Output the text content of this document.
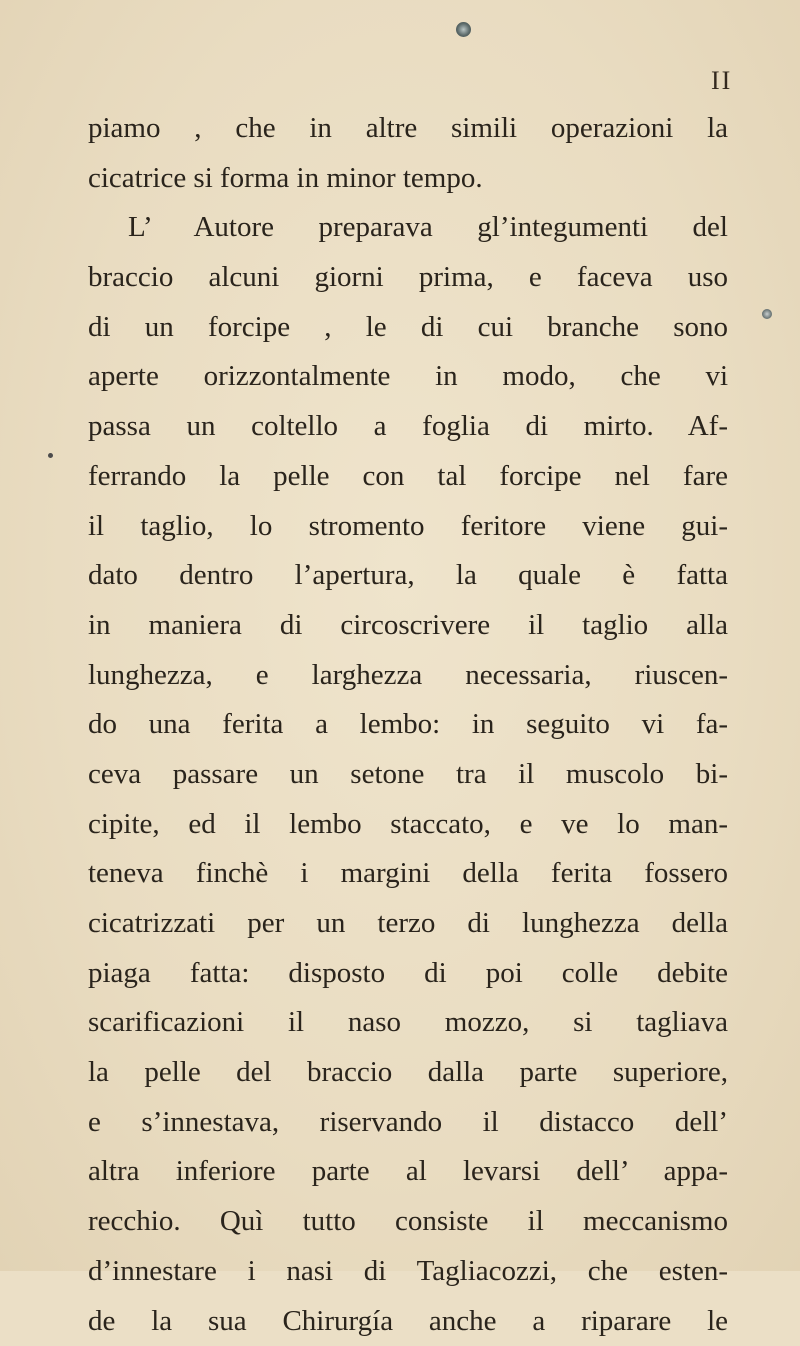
II
piamo , che in altre simili operazioni la
cicatrice si forma in minor tempo.
L’ Autore preparava gl’integumenti del
braccio alcuni giorni prima, e faceva uso
di un forcipe , le di cui branche sono
aperte orizzontalmente in modo, che vi
passa un coltello a foglia di mirto. Af-
ferrando la pelle con tal forcipe nel fare
il taglio, lo stromento feritore viene gui-
dato dentro l’apertura, la quale è fatta
in maniera di circoscrivere il taglio alla
lunghezza, e larghezza necessaria, riuscen-
do una ferita a lembo: in seguito vi fa-
ceva passare un setone tra il muscolo bi-
cipite, ed il lembo staccato, e ve lo man-
teneva finchè i margini della ferita fossero
cicatrizzati per un terzo di lunghezza della
piaga fatta: disposto di poi colle debite
scarificazioni il naso mozzo, si tagliava
la pelle del braccio dalla parte superiore,
e s’innestava, riservando il distacco dell’
altra inferiore parte al levarsi dell’ appa-
recchio. Quì tutto consiste il meccanismo
d’innestare i nasi di Tagliacozzi, che esten-
de la sua Chirurgía anche a riparare le
